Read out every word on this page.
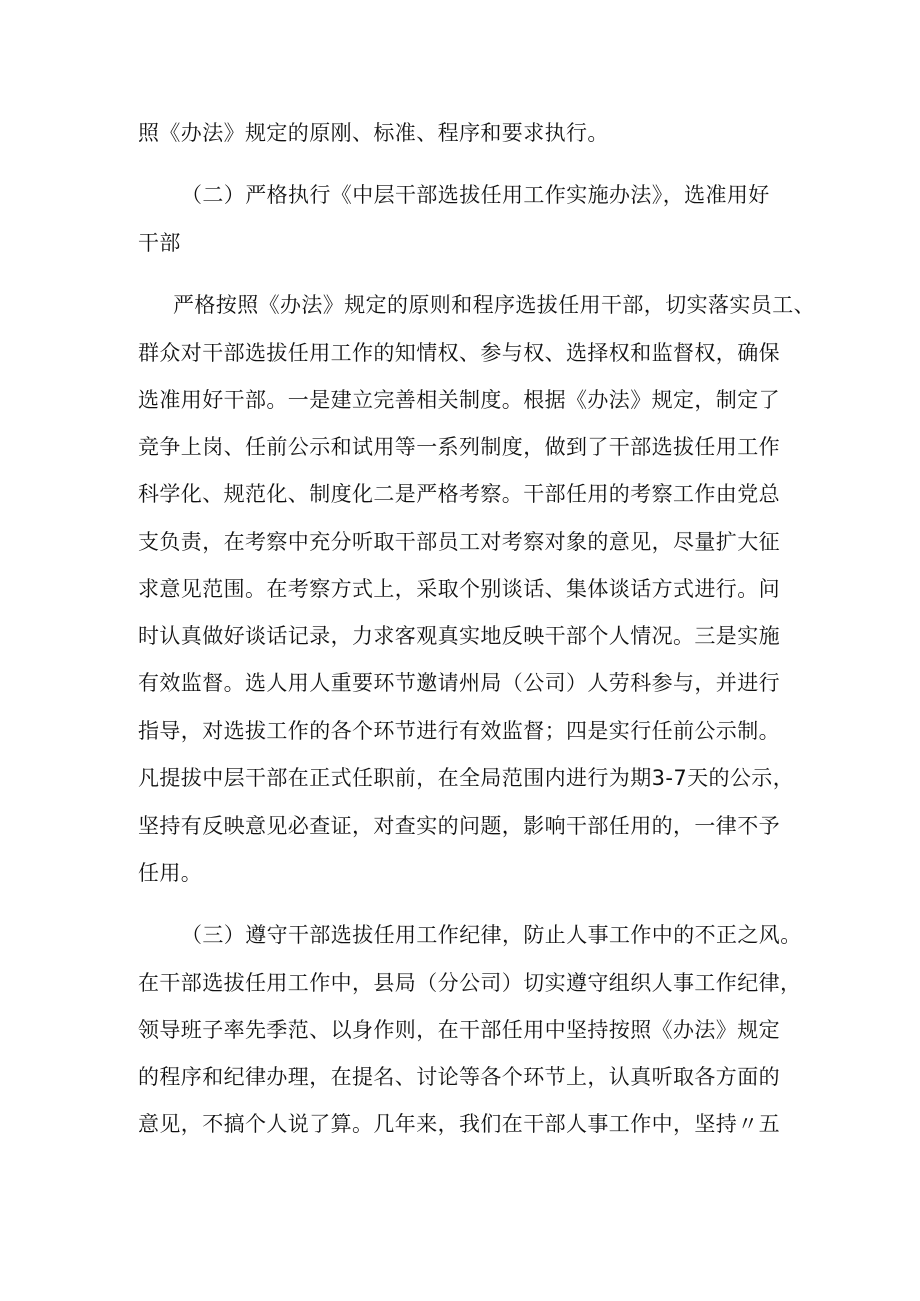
照《办法》规定的原刚、标准、程序和要求执行。
（二）严格执行《中层干部选拔任用工作实施办法》，选准用好
干部
严格按照《办法》规定的原则和程序选拔任用干部，切实落实员工、
群众对干部选拔任用工作的知情权、参与权、选择权和监督权，确保
选准用好干部。一是建立完善相关制度。根据《办法》规定，制定了
竞争上岗、任前公示和试用等一系列制度，做到了干部选拔任用工作
科学化、规范化、制度化二是严格考察。干部任用的考察工作由党总
支负责，在考察中充分听取干部员工对考察对象的意见，尽量扩大征
求意见范围。在考察方式上，采取个别谈话、集体谈话方式进行。问
时认真做好谈话记录，力求客观真实地反映干部个人情况。三是实施
有效监督。选人用人重要环节邀请州局（公司）人劳科参与，并进行
指导，对选拔工作的各个环节进行有效监督；四是实行任前公示制。
凡提拔中层干部在正式任职前，在全局范围内进行为期3-7天的公示，
坚持有反映意见必查证，对查实的问题，影响干部任用的，一律不予
任用。
（三）遵守干部选拔任用工作纪律，防止人事工作中的不正之风。
在干部选拔任用工作中，县局（分公司）切实遵守组织人事工作纪律，
领导班子率先季范、以身作则，在干部任用中坚持按照《办法》规定
的程序和纪律办理，在提名、讨论等各个环节上，认真听取各方面的
意见，不搞个人说了算。几年来，我们在干部人事工作中，坚持〃五
